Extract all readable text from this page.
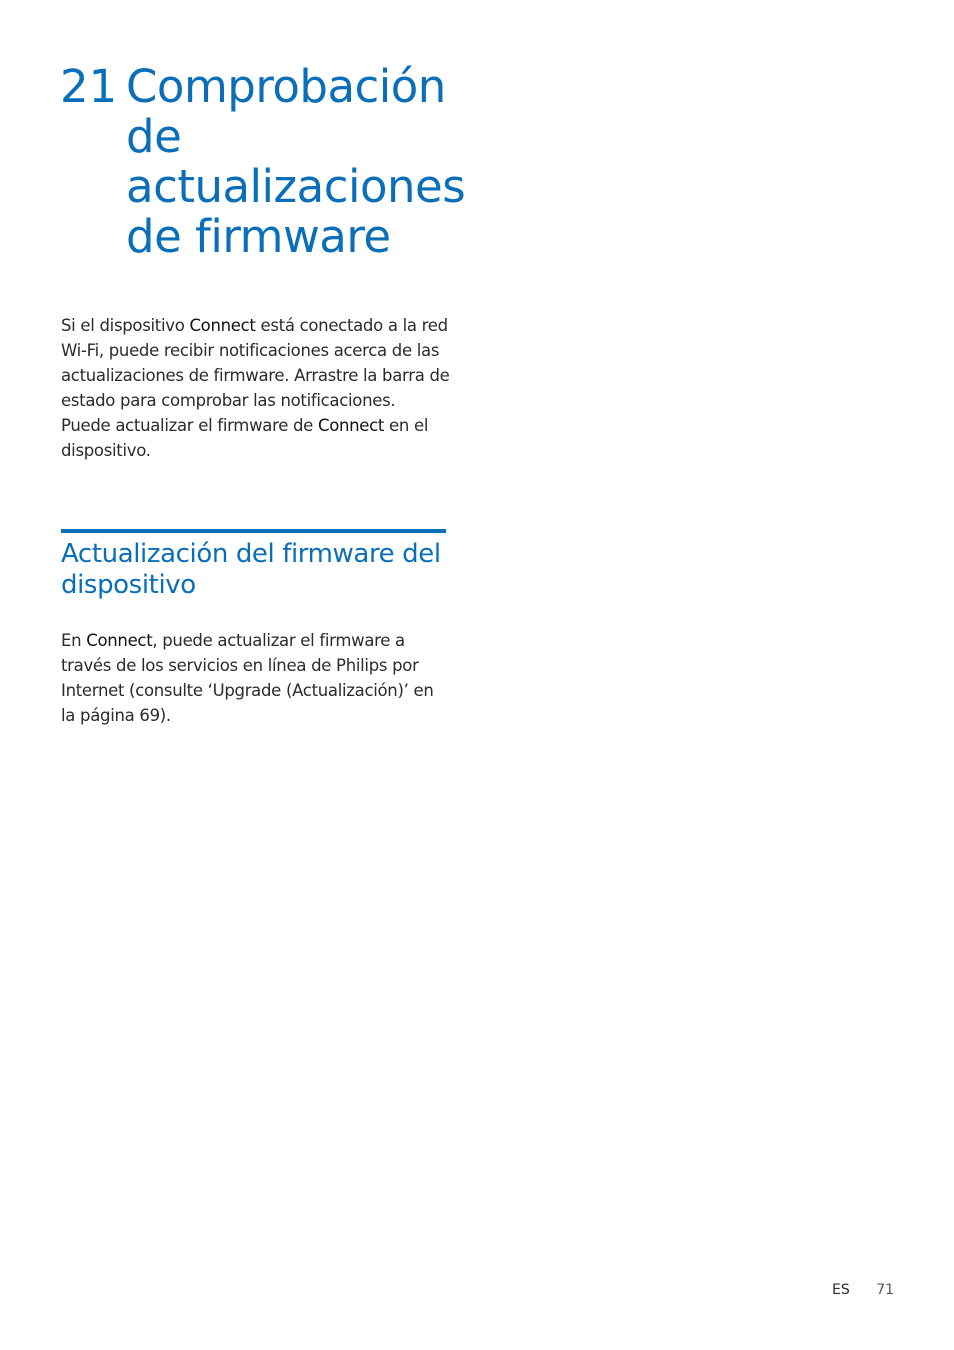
21 Comprobación
de
actualizaciones
de firmware

Si el dispositivo Connect está conectado a la red Wi-Fi, puede recibir notificaciones acerca de las actualizaciones de firmware. Arrastre la barra de estado para comprobar las notificaciones.

Puede actualizar el firmware de Connect en el dispositivo.

Actualización del firmware del dispositivo

En Connect, puede actualizar el firmware a través de los servicios en línea de Philips por Internet (consulte ‘Upgrade (Actualización)’ en la página 69).

ES 71
